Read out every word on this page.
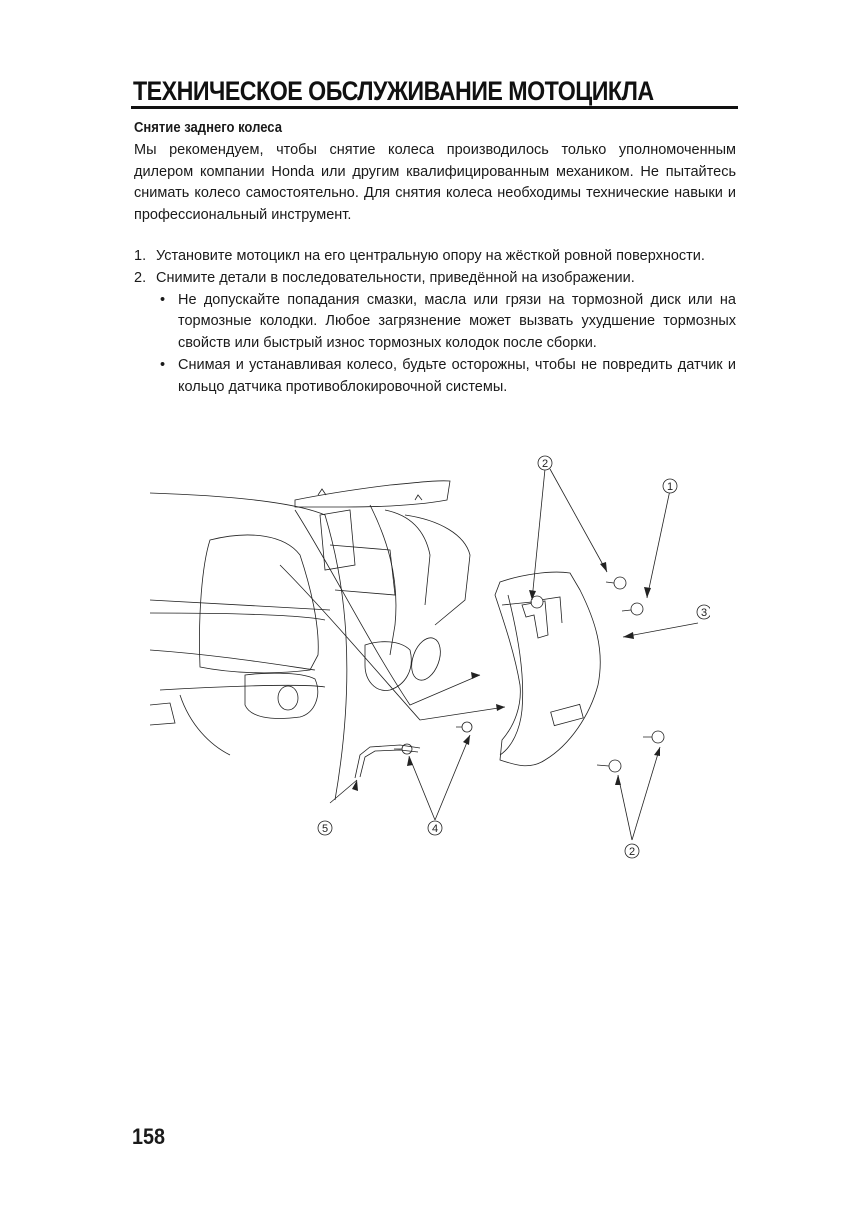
ТЕХНИЧЕСКОЕ ОБСЛУЖИВАНИЕ МОТОЦИКЛА
Снятие заднего колеса
Мы рекомендуем, чтобы снятие колеса производилось только уполномоченным дилером компании Honda или другим квалифицированным механиком. Не пытайтесь снимать колесо самостоятельно. Для снятия колеса необходимы технические навыки и профессиональный инструмент.
1. Установите мотоцикл на его центральную опору на жёсткой ровной поверхности.
2. Снимите детали в последовательности, приведённой на изображении.
• Не допускайте попадания смазки, масла или грязи на тормозной диск или на тормозные колодки. Любое загрязнение может вызвать ухудшение тормозных свойств или быстрый износ тормозных колодок после сборки.
• Снимая и устанавливая колесо, будьте осторожны, чтобы не повредить датчик и кольцо датчика противоблокировочной системы.
2
1
3
5	4
2
158
